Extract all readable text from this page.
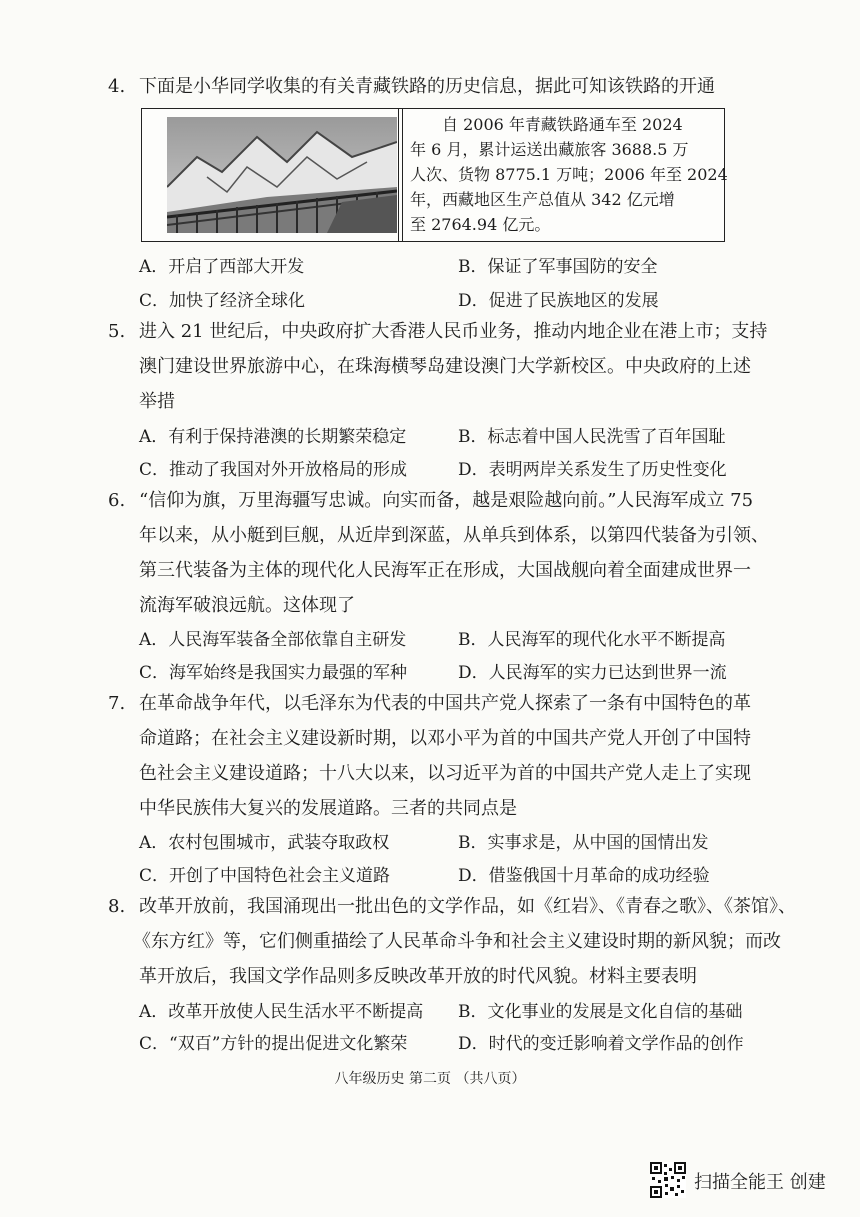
4. 下面是小华同学收集的有关青藏铁路的历史信息，据此可知该铁路的开通
　　自 2006 年青藏铁路通车至 2024
年 6 月，累计运送出藏旅客 3688.5 万
人次、货物 8775.1 万吨；2006 年至 2024
年，西藏地区生产总值从 342 亿元增
至 2764.94 亿元。
A．开启了西部大开发	B．保证了军事国防的安全
C．加快了经济全球化	D．促进了民族地区的发展
5. 进入 21 世纪后，中央政府扩大香港人民币业务，推动内地企业在港上市；支持
澳门建设世界旅游中心，在珠海横琴岛建设澳门大学新校区。中央政府的上述
举措
A．有利于保持港澳的长期繁荣稳定	B．标志着中国人民洗雪了百年国耻
C．推动了我国对外开放格局的形成	D．表明两岸关系发生了历史性变化
6. “信仰为旗，万里海疆写忠诚。向实而备，越是艰险越向前。”人民海军成立 75
年以来，从小艇到巨舰，从近岸到深蓝，从单兵到体系，以第四代装备为引领、
第三代装备为主体的现代化人民海军正在形成，大国战舰向着全面建成世界一
流海军破浪远航。这体现了
A．人民海军装备全部依靠自主研发	B．人民海军的现代化水平不断提高
C．海军始终是我国实力最强的军种	D．人民海军的实力已达到世界一流
7. 在革命战争年代，以毛泽东为代表的中国共产党人探索了一条有中国特色的革
命道路；在社会主义建设新时期，以邓小平为首的中国共产党人开创了中国特
色社会主义建设道路；十八大以来，以习近平为首的中国共产党人走上了实现
中华民族伟大复兴的发展道路。三者的共同点是
A．农村包围城市，武装夺取政权	B．实事求是，从中国的国情出发
C．开创了中国特色社会主义道路	D．借鉴俄国十月革命的成功经验
8. 改革开放前，我国涌现出一批出色的文学作品，如《红岩》、《青春之歌》、《茶馆》、
《东方红》等，它们侧重描绘了人民革命斗争和社会主义建设时期的新风貌；而改
革开放后，我国文学作品则多反映改革开放的时代风貌。材料主要表明
A．改革开放使人民生活水平不断提高 B．文化事业的发展是文化自信的基础
C．“双百”方针的提出促进文化繁荣	D．时代的变迁影响着文学作品的创作
八年级历史 第二页 （共八页）
扫描全能王 创建
